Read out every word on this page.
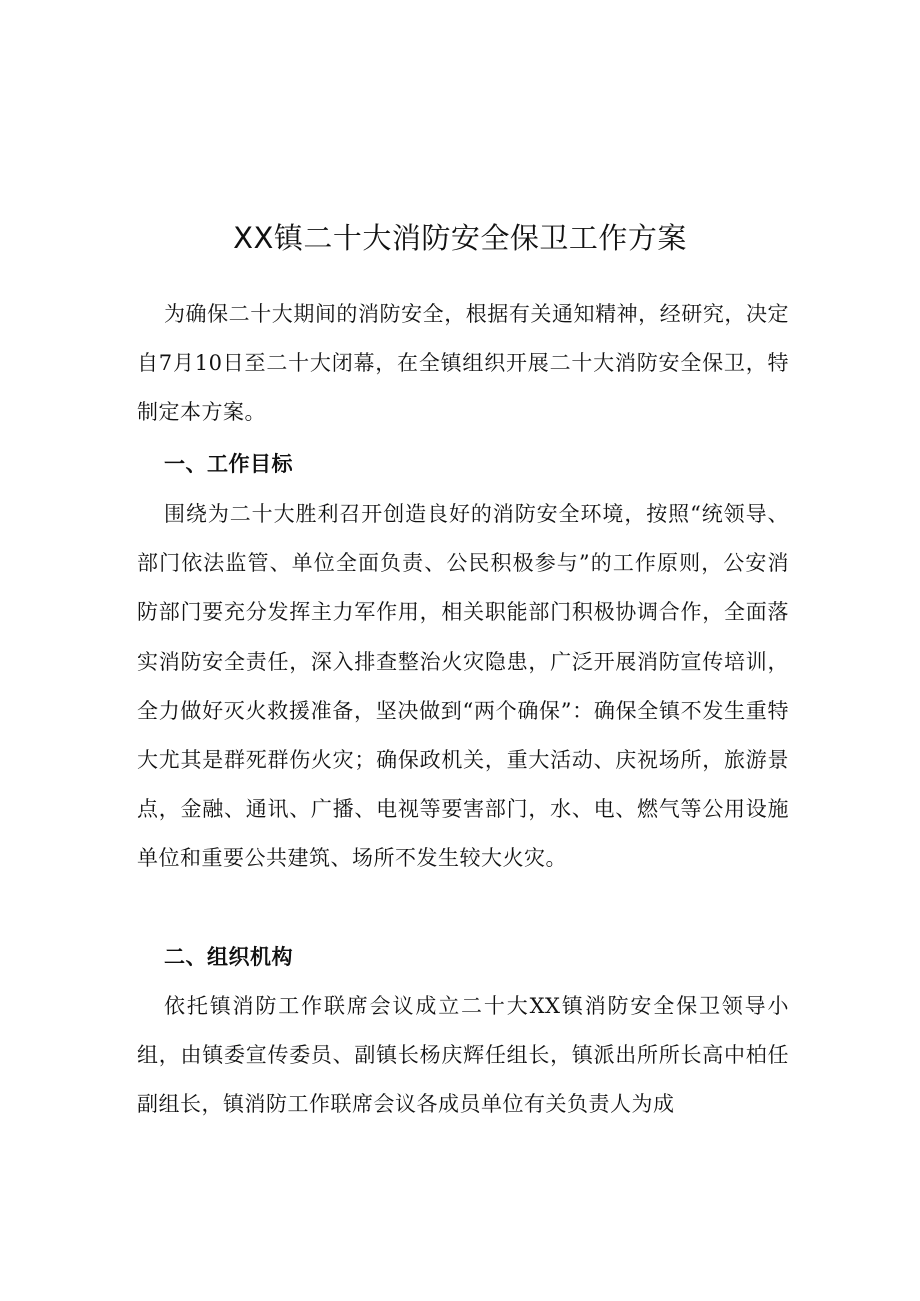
XX镇二十大消防安全保卫工作方案

为确保二十大期间的消防安全，根据有关通知精神，经研究，决定自7月10日至二十大闭幕，在全镇组织开展二十大消防安全保卫，特制定本方案。

一、工作目标

围绕为二十大胜利召开创造良好的消防安全环境，按照“统领导、部门依法监管、单位全面负责、公民积极参与”的工作原则，公安消防部门要充分发挥主力军作用，相关职能部门积极协调合作，全面落实消防安全责任，深入排查整治火灾隐患，广泛开展消防宣传培训，全力做好灭火救援准备，坚决做到“两个确保”：确保全镇不发生重特大尤其是群死群伤火灾；确保政机关，重大活动、庆祝场所，旅游景点，金融、通讯、广播、电视等要害部门，水、电、燃气等公用设施单位和重要公共建筑、场所不发生较大火灾。

二、组织机构

依托镇消防工作联席会议成立二十大XX镇消防安全保卫领导小组，由镇委宣传委员、副镇长杨庆辉任组长，镇派出所所长高中柏任副组长，镇消防工作联席会议各成员单位有关负责人为成
